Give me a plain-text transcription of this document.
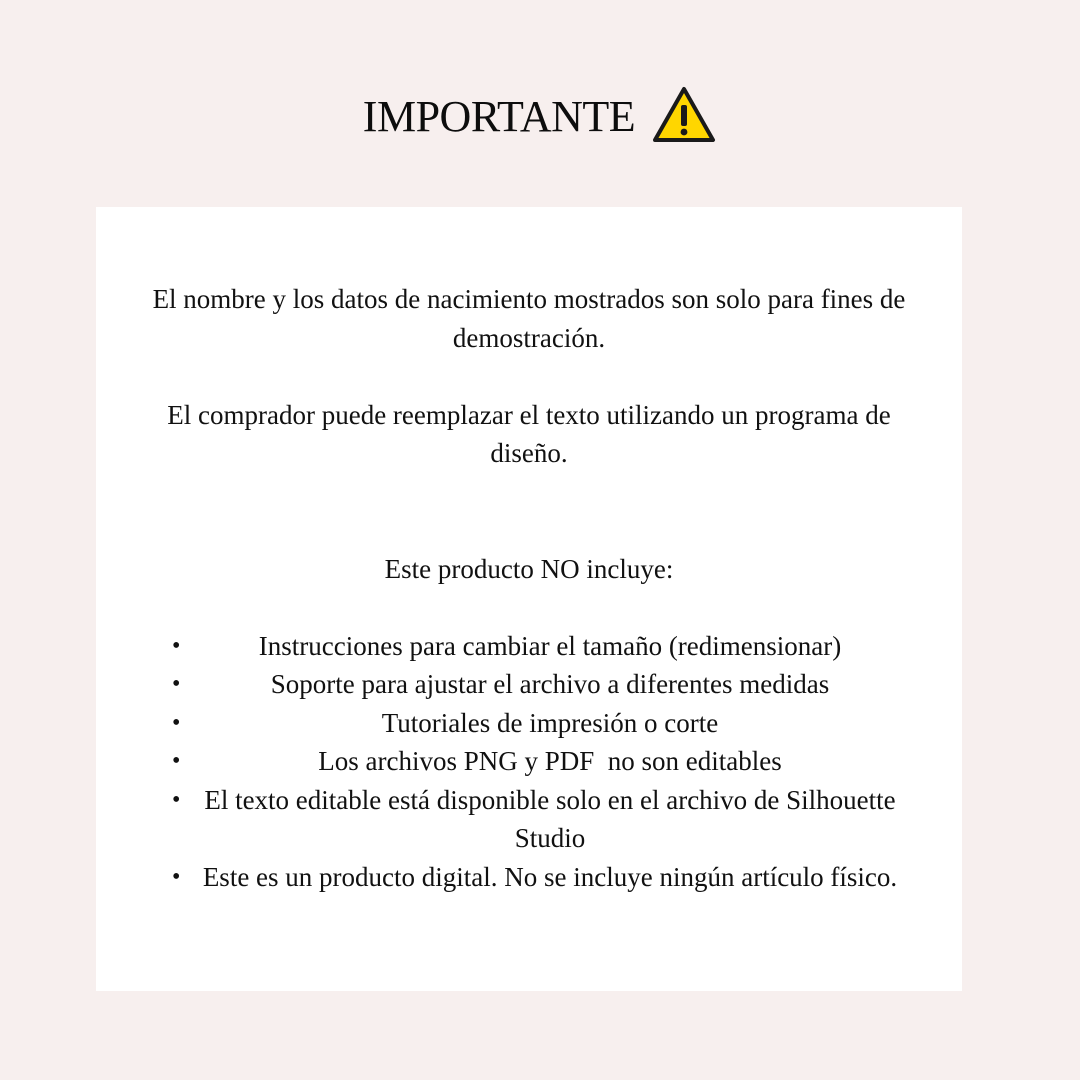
IMPORTANTE

El nombre y los datos de nacimiento mostrados son solo para fines de demostración.

El comprador puede reemplazar el texto utilizando un programa de diseño.

Este producto NO incluye:

•	Instrucciones para cambiar el tamaño (redimensionar)
•	Soporte para ajustar el archivo a diferentes medidas
•	Tutoriales de impresión o corte
•	Los archivos PNG y PDF  no son editables
• El texto editable está disponible solo en el archivo de Silhouette Studio
• Este es un producto digital. No se incluye ningún artículo físico.
